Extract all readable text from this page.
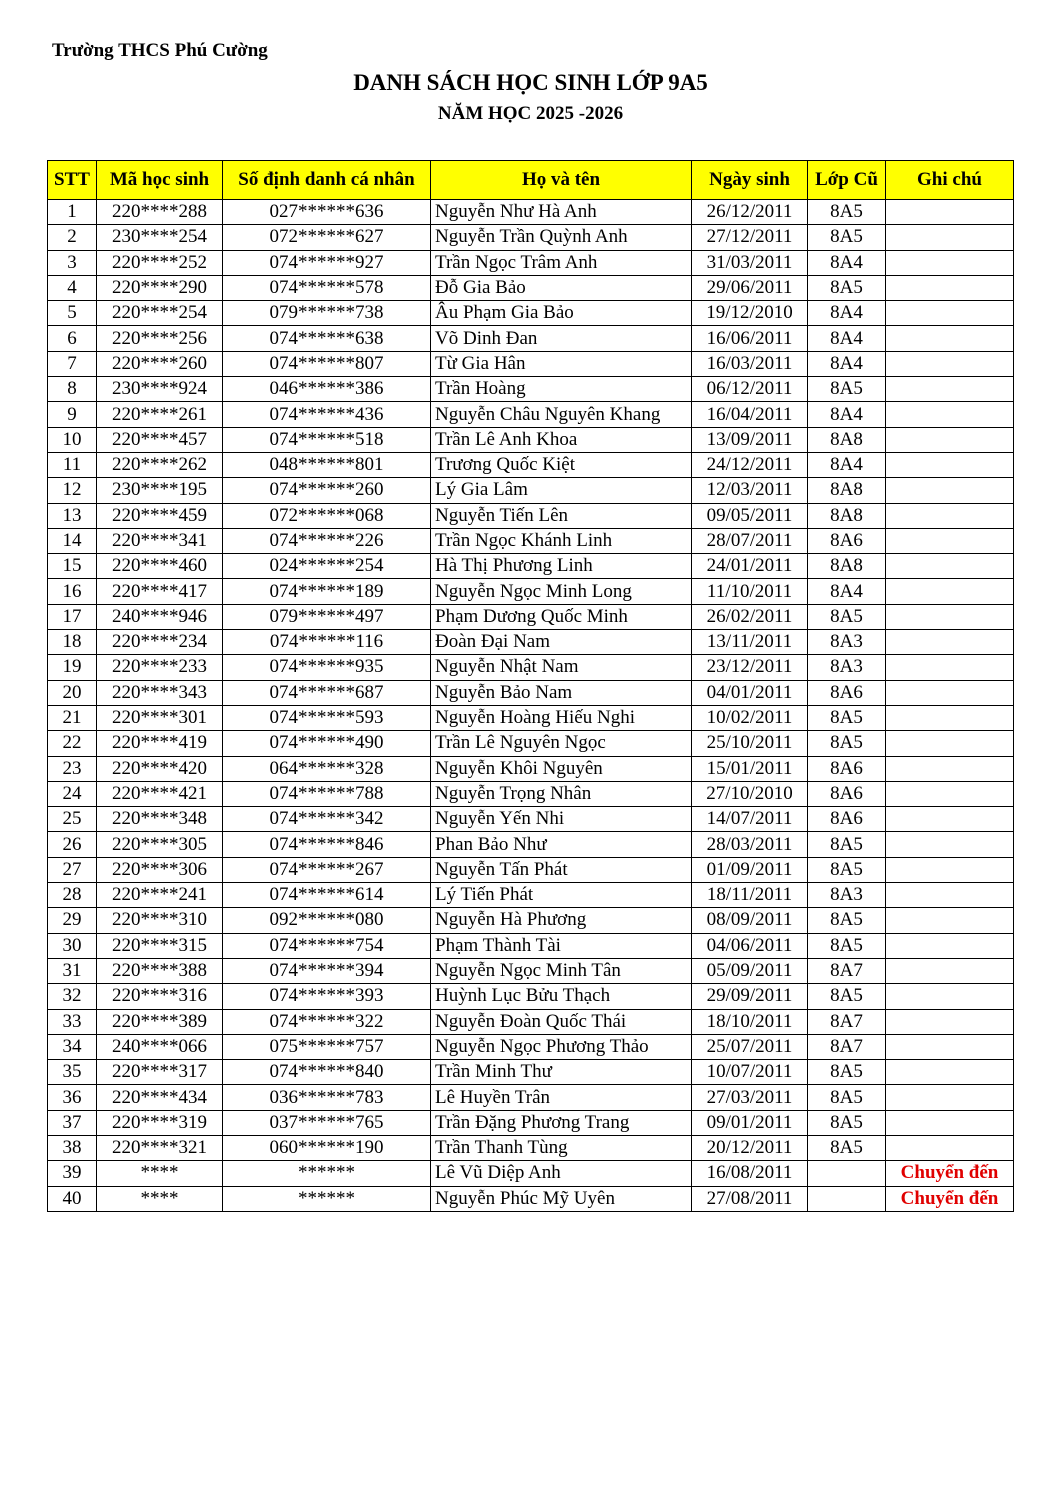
Trường THCS Phú Cường
DANH SÁCH HỌC SINH LỚP 9A5
NĂM HỌC 2025 -2026
STT	Mã học sinh	Số định danh cá nhân	Họ và tên	Ngày sinh	Lớp Cũ	Ghi chú
1	220****288	027******636	Nguyễn Như Hà Anh	26/12/2011	8A5	
2	230****254	072******627	Nguyễn Trần Quỳnh Anh	27/12/2011	8A5	
3	220****252	074******927	Trần Ngọc Trâm Anh	31/03/2011	8A4	
4	220****290	074******578	Đỗ Gia Bảo	29/06/2011	8A5	
5	220****254	079******738	Âu Phạm Gia Bảo	19/12/2010	8A4	
6	220****256	074******638	Võ Dinh Đan	16/06/2011	8A4	
7	220****260	074******807	Từ Gia Hân	16/03/2011	8A4	
8	230****924	046******386	Trần Hoàng	06/12/2011	8A5	
9	220****261	074******436	Nguyễn Châu Nguyên Khang	16/04/2011	8A4	
10	220****457	074******518	Trần Lê Anh Khoa	13/09/2011	8A8	
11	220****262	048******801	Trương Quốc Kiệt	24/12/2011	8A4	
12	230****195	074******260	Lý Gia Lâm	12/03/2011	8A8	
13	220****459	072******068	Nguyễn Tiến Lên	09/05/2011	8A8	
14	220****341	074******226	Trần Ngọc Khánh Linh	28/07/2011	8A6	
15	220****460	024******254	Hà Thị Phương Linh	24/01/2011	8A8	
16	220****417	074******189	Nguyễn Ngọc Minh Long	11/10/2011	8A4	
17	240****946	079******497	Phạm Dương Quốc Minh	26/02/2011	8A5	
18	220****234	074******116	Đoàn Đại Nam	13/11/2011	8A3	
19	220****233	074******935	Nguyễn Nhật Nam	23/12/2011	8A3	
20	220****343	074******687	Nguyễn Bảo Nam	04/01/2011	8A6	
21	220****301	074******593	Nguyễn Hoàng Hiếu Nghi	10/02/2011	8A5	
22	220****419	074******490	Trần Lê Nguyên Ngọc	25/10/2011	8A5	
23	220****420	064******328	Nguyễn Khôi Nguyên	15/01/2011	8A6	
24	220****421	074******788	Nguyễn Trọng Nhân	27/10/2010	8A6	
25	220****348	074******342	Nguyễn Yến Nhi	14/07/2011	8A6	
26	220****305	074******846	Phan Bảo Như	28/03/2011	8A5	
27	220****306	074******267	Nguyễn Tấn Phát	01/09/2011	8A5	
28	220****241	074******614	Lý Tiến Phát	18/11/2011	8A3	
29	220****310	092******080	Nguyễn Hà Phương	08/09/2011	8A5	
30	220****315	074******754	Phạm Thành Tài	04/06/2011	8A5	
31	220****388	074******394	Nguyễn Ngọc Minh Tân	05/09/2011	8A7	
32	220****316	074******393	Huỳnh Lục Bửu Thạch	29/09/2011	8A5	
33	220****389	074******322	Nguyễn Đoàn Quốc Thái	18/10/2011	8A7	
34	240****066	075******757	Nguyễn Ngọc Phương Thảo	25/07/2011	8A7	
35	220****317	074******840	Trần Minh Thư	10/07/2011	8A5	
36	220****434	036******783	Lê Huyền Trân	27/03/2011	8A5	
37	220****319	037******765	Trần Đặng Phương Trang	09/01/2011	8A5	
38	220****321	060******190	Trần Thanh Tùng	20/12/2011	8A5	
39	****	******	Lê Vũ Diệp Anh	16/08/2011		Chuyển đến
40	****	******	Nguyễn Phúc Mỹ Uyên	27/08/2011		Chuyển đến
